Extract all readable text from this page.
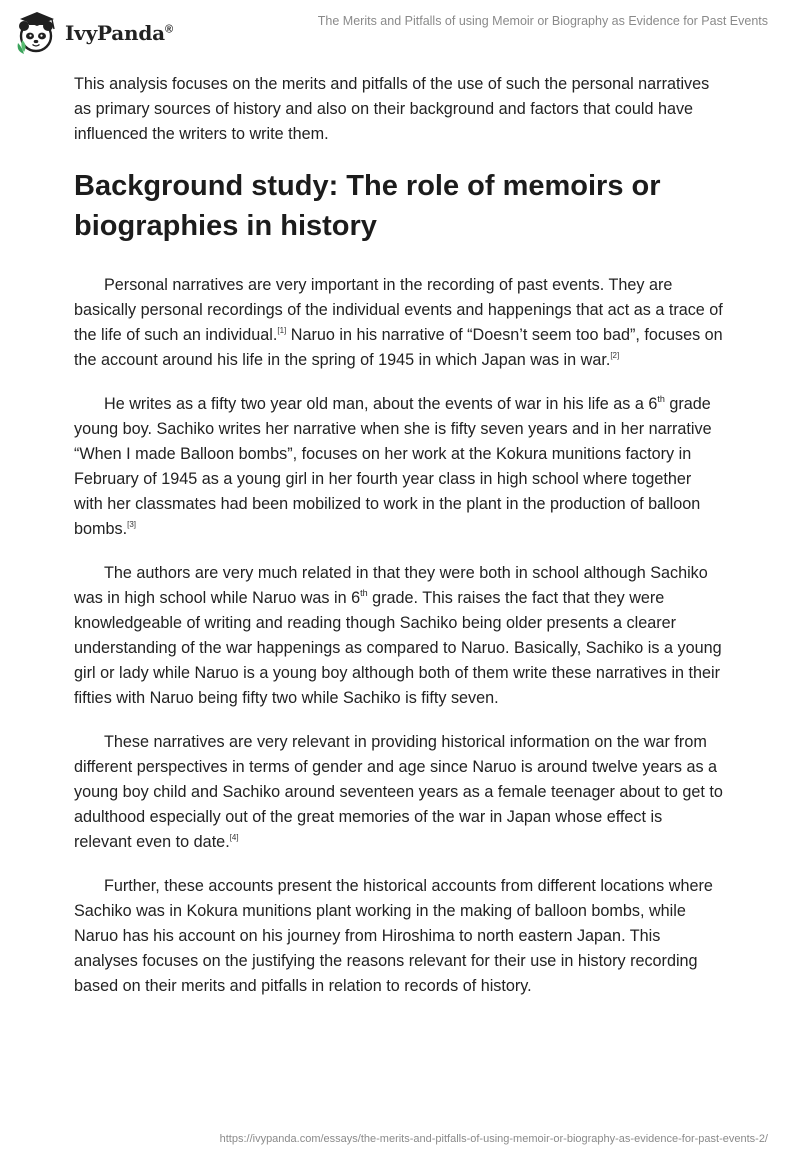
IvyPanda®
The Merits and Pitfalls of using Memoir or Biography as Evidence for Past Events

This analysis focuses on the merits and pitfalls of the use of such the personal narratives as primary sources of history and also on their background and factors that could have influenced the writers to write them.

Background study: The role of memoirs or biographies in history

Personal narratives are very important in the recording of past events. They are basically personal recordings of the individual events and happenings that act as a trace of the life of such an individual.[1] Naruo in his narrative of “Doesn’t seem too bad”, focuses on the account around his life in the spring of 1945 in which Japan was in war.[2]

He writes as a fifty two year old man, about the events of war in his life as a 6th grade young boy. Sachiko writes her narrative when she is fifty seven years and in her narrative “When I made Balloon bombs”, focuses on her work at the Kokura munitions factory in February of 1945 as a young girl in her fourth year class in high school where together with her classmates had been mobilized to work in the plant in the production of balloon bombs.[3]

The authors are very much related in that they were both in school although Sachiko was in high school while Naruo was in 6th grade. This raises the fact that they were knowledgeable of writing and reading though Sachiko being older presents a clearer understanding of the war happenings as compared to Naruo. Basically, Sachiko is a young girl or lady while Naruo is a young boy although both of them write these narratives in their fifties with Naruo being fifty two while Sachiko is fifty seven.

These narratives are very relevant in providing historical information on the war from different perspectives in terms of gender and age since Naruo is around twelve years as a young boy child and Sachiko around seventeen years as a female teenager about to get to adulthood especially out of the great memories of the war in Japan whose effect is relevant even to date.[4]

Further, these accounts present the historical accounts from different locations where Sachiko was in Kokura munitions plant working in the making of balloon bombs, while Naruo has his account on his journey from Hiroshima to north eastern Japan. This analyses focuses on the justifying the reasons relevant for their use in history recording based on their merits and pitfalls in relation to records of history.

https://ivypanda.com/essays/the-merits-and-pitfalls-of-using-memoir-or-biography-as-evidence-for-past-events-2/
